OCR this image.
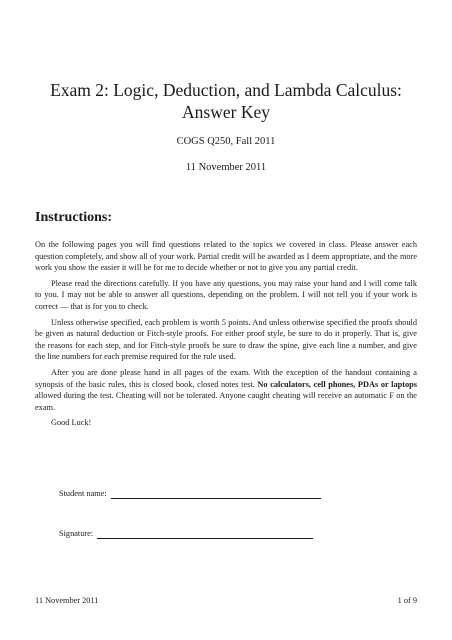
Exam 2: Logic, Deduction, and Lambda Calculus:
Answer Key
COGS Q250, Fall 2011
11 November 2011
Instructions:

On the following pages you will find questions related to the topics we covered in class. Please answer each question completely, and show all of your work. Partial credit will be awarded as I deem appropriate, and the more work you show the easier it will be for me to decide whether or not to give you any partial credit.

Please read the directions carefully. If you have any questions, you may raise your hand and I will come talk to you. I may not be able to answer all questions, depending on the problem. I will not tell you if your work is correct — that is for you to check.

Unless otherwise specified, each problem is worth 5 points. And unless otherwise specified the proofs should be given as natural deduction or Fitch-style proofs. For either proof style, be sure to do it properly. That is, give the reasons for each step, and for Fitch-style proofs be sure to draw the spine, give each line a number, and give the line numbers for each premise required for the rule used.

After you are done please hand in all pages of the exam. With the exception of the handout containing a synopsis of the basic rules, this is closed book, closed notes test. No calculators, cell phones, PDAs or laptops allowed during the test. Cheating will not be tolerated. Anyone caught cheating will receive an automatic F on the exam.

Good Luck!

Student name:
Signature:
11 November 2011	1 of 9
